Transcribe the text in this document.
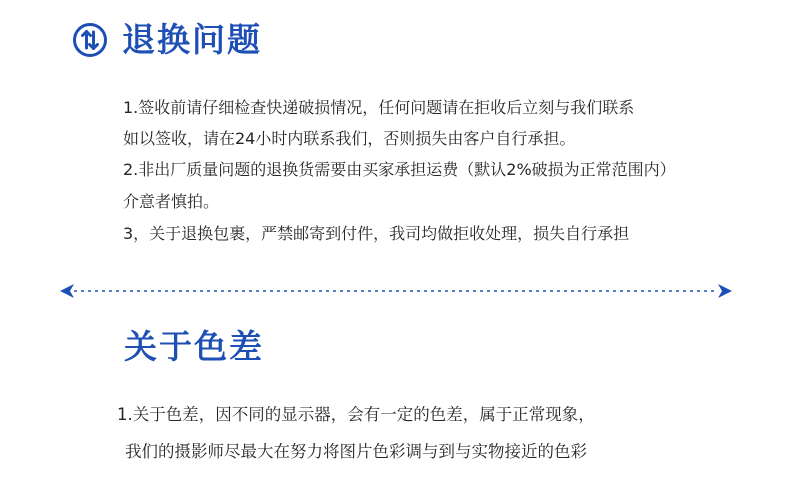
退换问题

1.签收前请仔细检查快递破损情况，任何问题请在拒收后立刻与我们联系

如以签收，请在24小时内联系我们，否则损失由客户自行承担。

2.非出厂质量问题的退换货需要由买家承担运费（默认2%破损为正常范围内）

介意者慎拍。

3，关于退换包裹，严禁邮寄到付件，我司均做拒收处理，损失自行承担

关于色差

1.关于色差，因不同的显示器，会有一定的色差，属于正常现象，

我们的摄影师尽最大在努力将图片色彩调与到与实物接近的色彩
